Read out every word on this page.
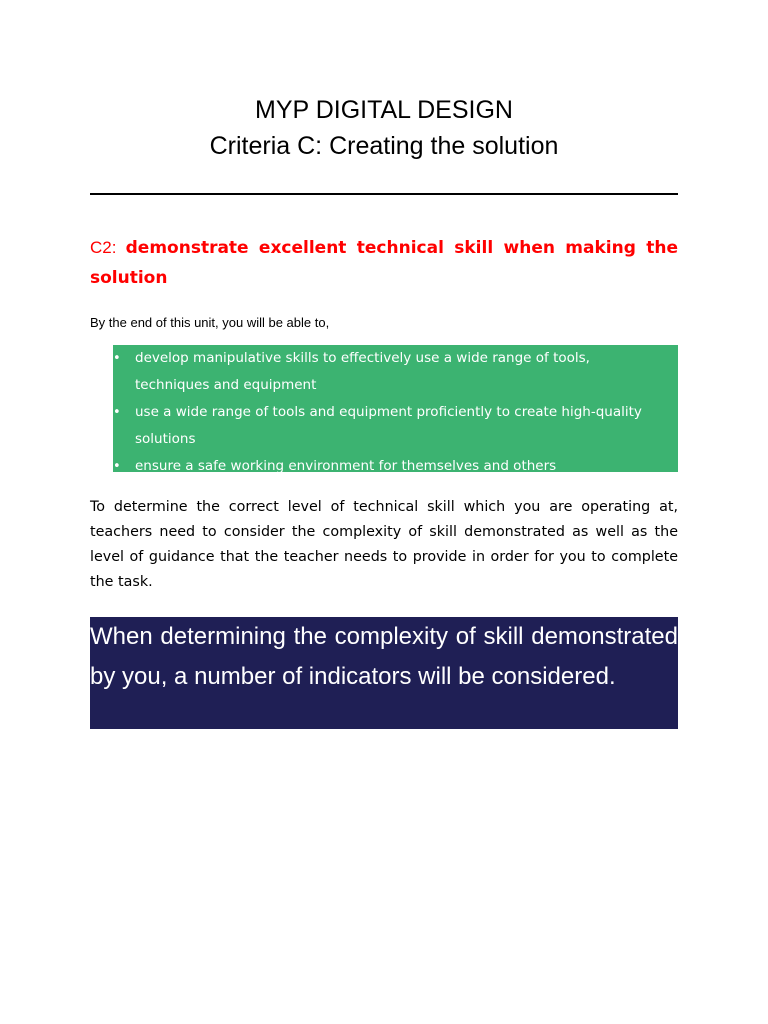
MYP DIGITAL DESIGN
Criteria C: Creating the solution
C2: demonstrate excellent technical skill when making the solution
By the end of this unit, you will be able to,
• develop manipulative skills to effectively use a wide range of tools, techniques and equipment
• use a wide range of tools and equipment proficiently to create high-quality solutions
• ensure a safe working environment for themselves and others

To determine the correct level of technical skill which you are operating at, teachers need to consider the complexity of skill demonstrated as well as the level of guidance that the teacher needs to provide in order for you to complete the task.

When determining the complexity of skill demonstrated by you, a number of indicators will be considered.
